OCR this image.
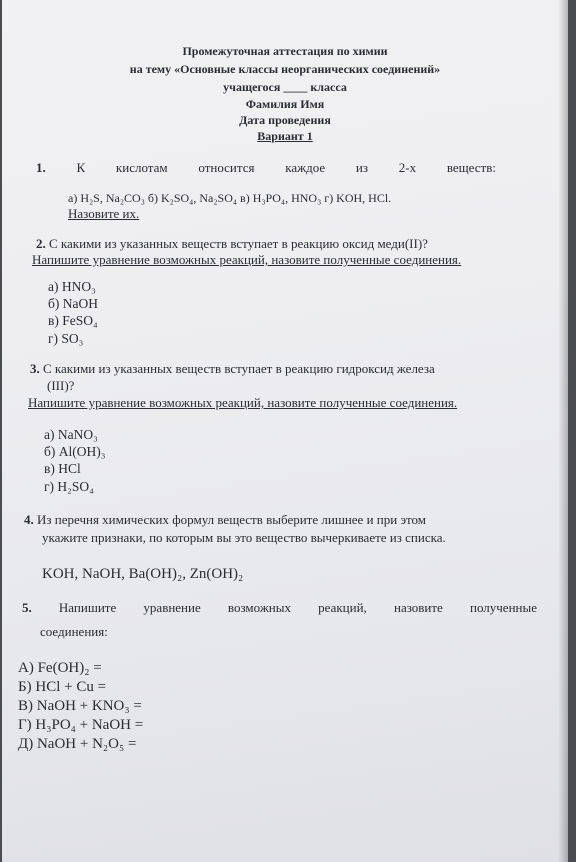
Промежуточная аттестация по химии
на тему «Основные классы неорганических соединений»
учащегося ____ класса
Фамилия Имя
Дата проведения
Вариант 1
1. К кислотам относится каждое из 2-х веществ:
а) H₂S, Na₂CO₃ б) K₂SO₄, Na₂SO₄ в) H₃PO₄, HNO₃ г) KOH, HCl.
Назовите их.
2. С какими из указанных веществ вступает в реакцию оксид меди(II)?
Напишите уравнение возможных реакций, назовите полученные соединения.
а) HNO₃
б) NaOH
в) FeSO₄
г) SO₃
3. С какими из указанных веществ вступает в реакцию гидроксид железа
(III)?
Напишите уравнение возможных реакций, назовите полученные соединения.
а) NaNO₃
б) Al(OH)₃
в) HCl
г) H₂SO₄
4. Из перечня химических формул веществ выберите лишнее и при этом
укажите признаки, по которым вы это вещество вычеркиваете из списка.
KOH, NaOH, Ba(OH)₂, Zn(OH)₂
5. Напишите уравнение возможных реакций, назовите полученные
соединения:
А) Fe(OH)₂ =
Б) HCl + Cu =
В) NaOH + KNO₃ =
Г) H₃PO₄ + NaOH =
Д) NaOH + N₂O₅ =
